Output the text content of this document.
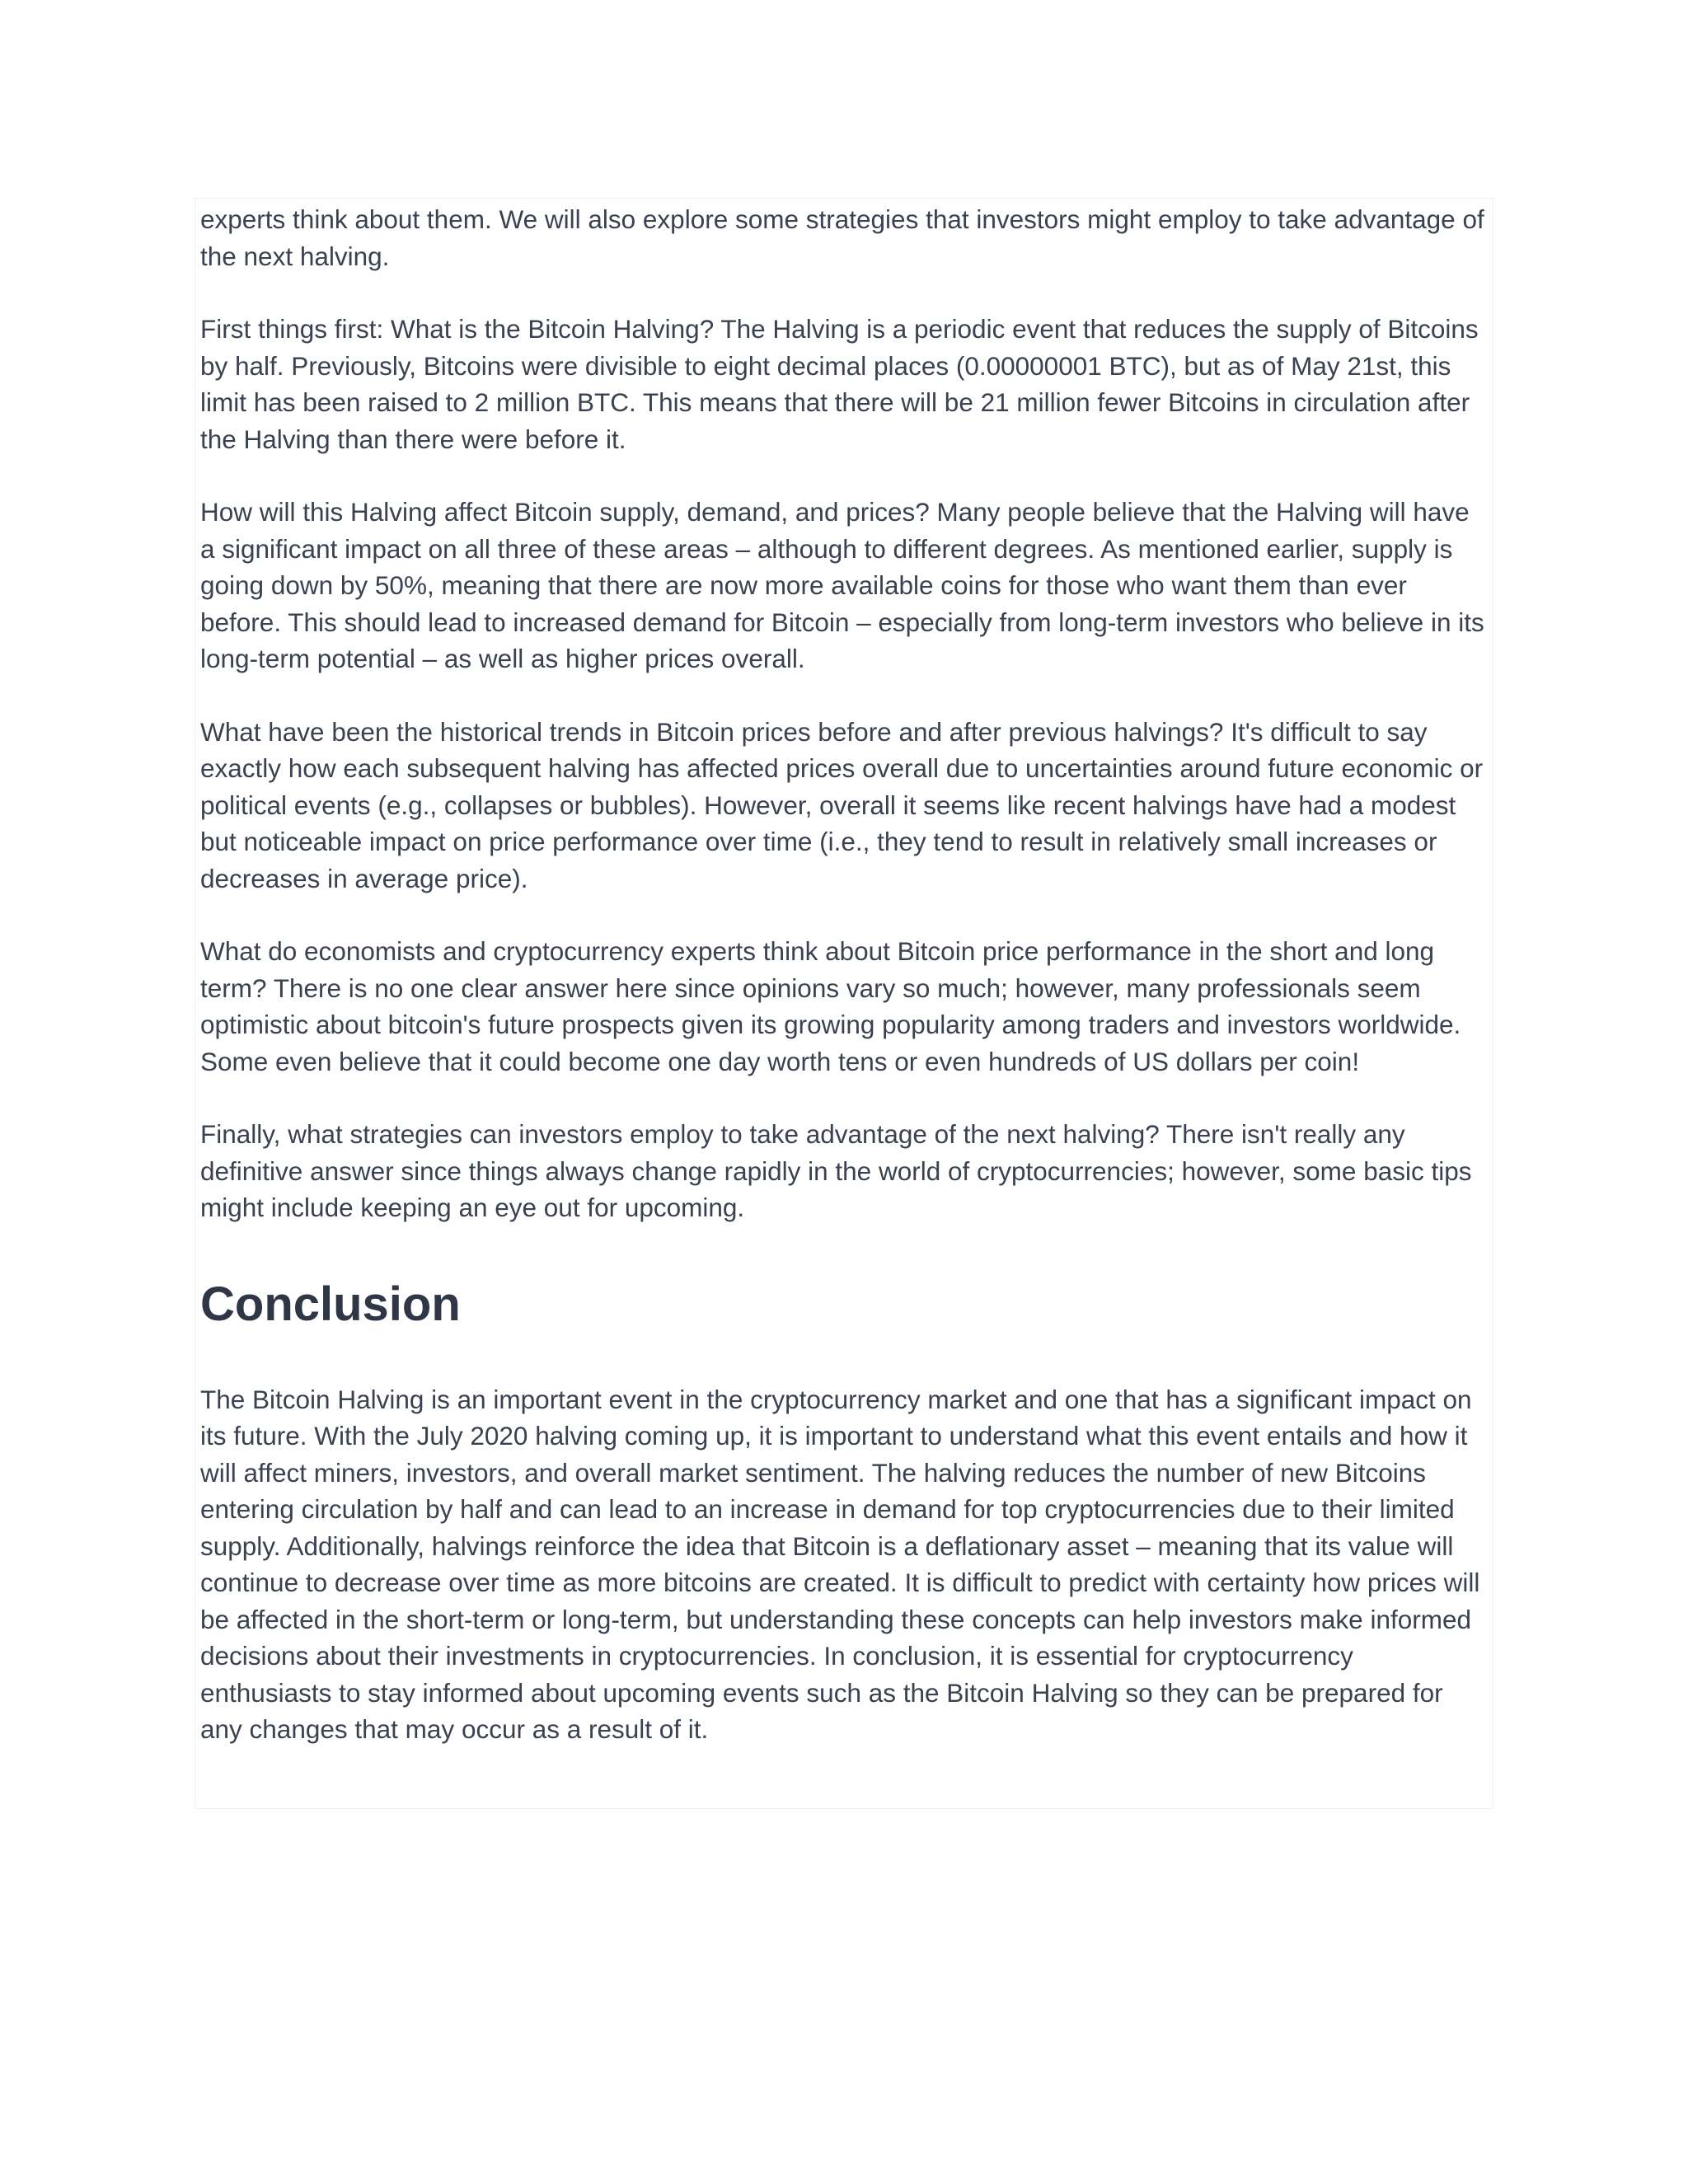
experts think about them. We will also explore some strategies that investors might employ to take advantage of the next halving.

First things first: What is the Bitcoin Halving? The Halving is a periodic event that reduces the supply of Bitcoins by half. Previously, Bitcoins were divisible to eight decimal places (0.00000001 BTC), but as of May 21st, this limit has been raised to 2 million BTC. This means that there will be 21 million fewer Bitcoins in circulation after the Halving than there were before it.

How will this Halving affect Bitcoin supply, demand, and prices? Many people believe that the Halving will have a significant impact on all three of these areas – although to different degrees. As mentioned earlier, supply is going down by 50%, meaning that there are now more available coins for those who want them than ever before. This should lead to increased demand for Bitcoin – especially from long-term investors who believe in its long-term potential – as well as higher prices overall.

What have been the historical trends in Bitcoin prices before and after previous halvings? It's difficult to say exactly how each subsequent halving has affected prices overall due to uncertainties around future economic or political events (e.g., collapses or bubbles). However, overall it seems like recent halvings have had a modest but noticeable impact on price performance over time (i.e., they tend to result in relatively small increases or decreases in average price).

What do economists and cryptocurrency experts think about Bitcoin price performance in the short and long term? There is no one clear answer here since opinions vary so much; however, many professionals seem optimistic about bitcoin's future prospects given its growing popularity among traders and investors worldwide. Some even believe that it could become one day worth tens or even hundreds of US dollars per coin!

Finally, what strategies can investors employ to take advantage of the next halving? There isn't really any definitive answer since things always change rapidly in the world of cryptocurrencies; however, some basic tips might include keeping an eye out for upcoming.

Conclusion

The Bitcoin Halving is an important event in the cryptocurrency market and one that has a significant impact on its future. With the July 2020 halving coming up, it is important to understand what this event entails and how it will affect miners, investors, and overall market sentiment. The halving reduces the number of new Bitcoins entering circulation by half and can lead to an increase in demand for top cryptocurrencies due to their limited supply. Additionally, halvings reinforce the idea that Bitcoin is a deflationary asset – meaning that its value will continue to decrease over time as more bitcoins are created. It is difficult to predict with certainty how prices will be affected in the short-term or long-term, but understanding these concepts can help investors make informed decisions about their investments in cryptocurrencies. In conclusion, it is essential for cryptocurrency enthusiasts to stay informed about upcoming events such as the Bitcoin Halving so they can be prepared for any changes that may occur as a result of it.
